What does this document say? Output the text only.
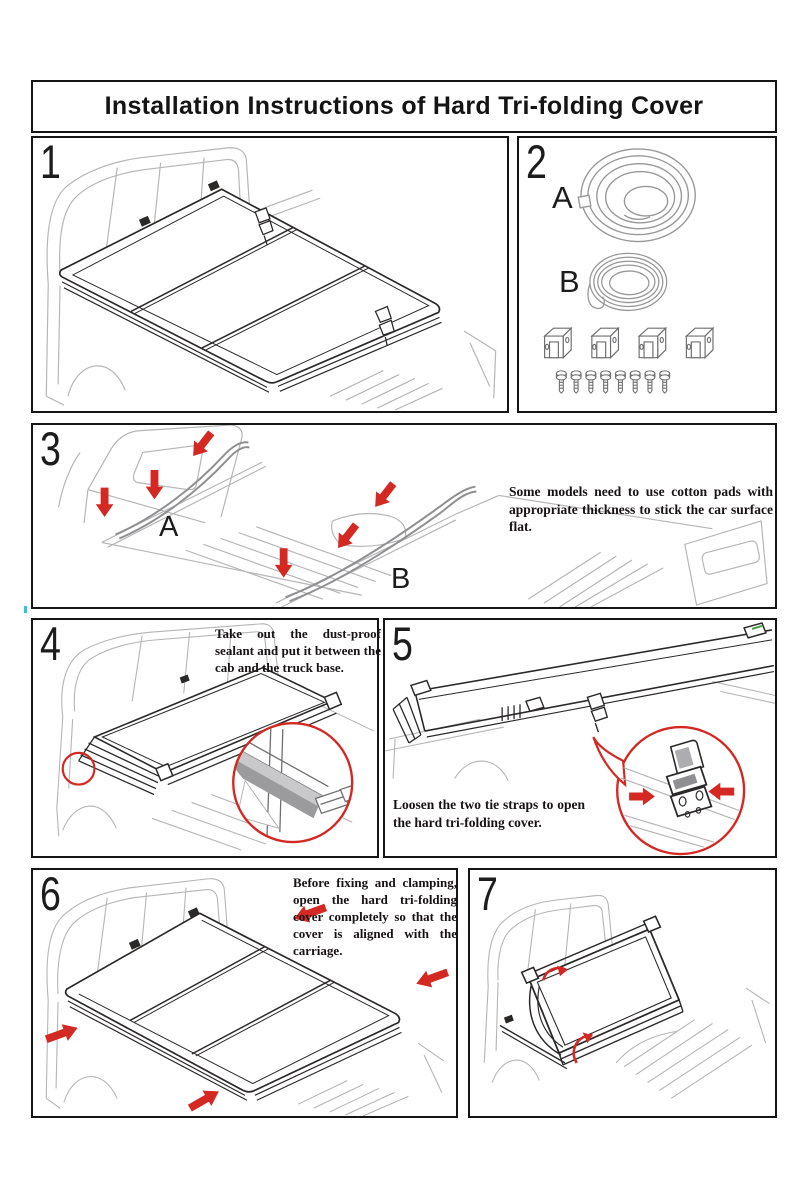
Installation Instructions of Hard Tri-folding Cover
1	2
A
B
3
A
B
Some models need to use cotton pads with appropriate thickness to stick the car surface flat.
4	Take out the dust-proof sealant and put it between the cab and the truck base.	5
Loosen the two tie straps to open the hard tri-folding cover.
6	Before fixing and clamping, open the hard tri-folding cover completely so that the cover is aligned with the carriage.
7
